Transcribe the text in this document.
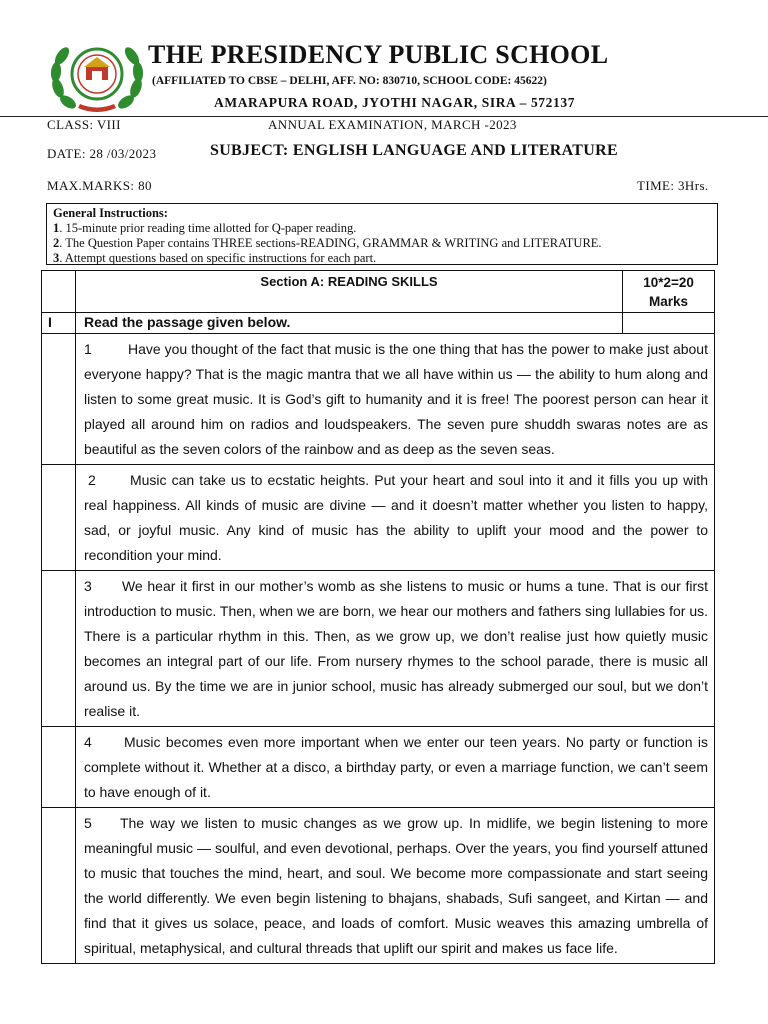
THE PRESIDENCY PUBLIC SCHOOL
(AFFILIATED TO CBSE – DELHI, AFF. NO: 830710, SCHOOL CODE: 45622)
AMARAPURA ROAD, JYOTHI NAGAR, SIRA – 572137
CLASS: VIII	ANNUAL EXAMINATION, MARCH -2023
DATE: 28 /03/2023	SUBJECT: ENGLISH LANGUAGE AND LITERATURE
MAX.MARKS: 80	TIME: 3Hrs.
General Instructions:
1. 15-minute prior reading time allotted for Q-paper reading.
2. The Question Paper contains THREE sections-READING, GRAMMAR & WRITING and LITERATURE.
3. Attempt questions based on specific instructions for each part.
	Section A: READING SKILLS	10*2=20
Marks

I	Read the passage given below.	
	1 Have you thought of the fact that music is the one thing that has the power to make just about everyone happy? That is the magic mantra that we all have within us — the ability to hum along and listen to some great music. It is God’s gift to humanity and it is free! The poorest person can hear it played all around him on radios and loudspeakers. The seven pure shuddh swaras notes are as beautiful as the seven colors of the rainbow and as deep as the seven seas.	
	2 Music can take us to ecstatic heights. Put your heart and soul into it and it fills you up with real happiness. All kinds of music are divine — and it doesn’t matter whether you listen to happy, sad, or joyful music. Any kind of music has the ability to uplift your mood and the power to recondition your mind.	
	3 We hear it first in our mother’s womb as she listens to music or hums a tune. That is our first introduction to music. Then, when we are born, we hear our mothers and fathers sing lullabies for us. There is a particular rhythm in this. Then, as we grow up, we don’t realise just how quietly music becomes an integral part of our life. From nursery rhymes to the school parade, there is music all around us. By the time we are in junior school, music has already submerged our soul, but we don’t realise it.	
	4 Music becomes even more important when we enter our teen years. No party or function is complete without it. Whether at a disco, a birthday party, or even a marriage function, we can’t seem to have enough of it.	
	5 The way we listen to music changes as we grow up. In midlife, we begin listening to more meaningful music — soulful, and even devotional, perhaps. Over the years, you find yourself attuned to music that touches the mind, heart, and soul. We become more compassionate and start seeing the world differently. We even begin listening to bhajans, shabads, Sufi sangeet, and Kirtan — and find that it gives us solace, peace, and loads of comfort. Music weaves this amazing umbrella of spiritual, metaphysical, and cultural threads that uplift our spirit and makes us face life.	
